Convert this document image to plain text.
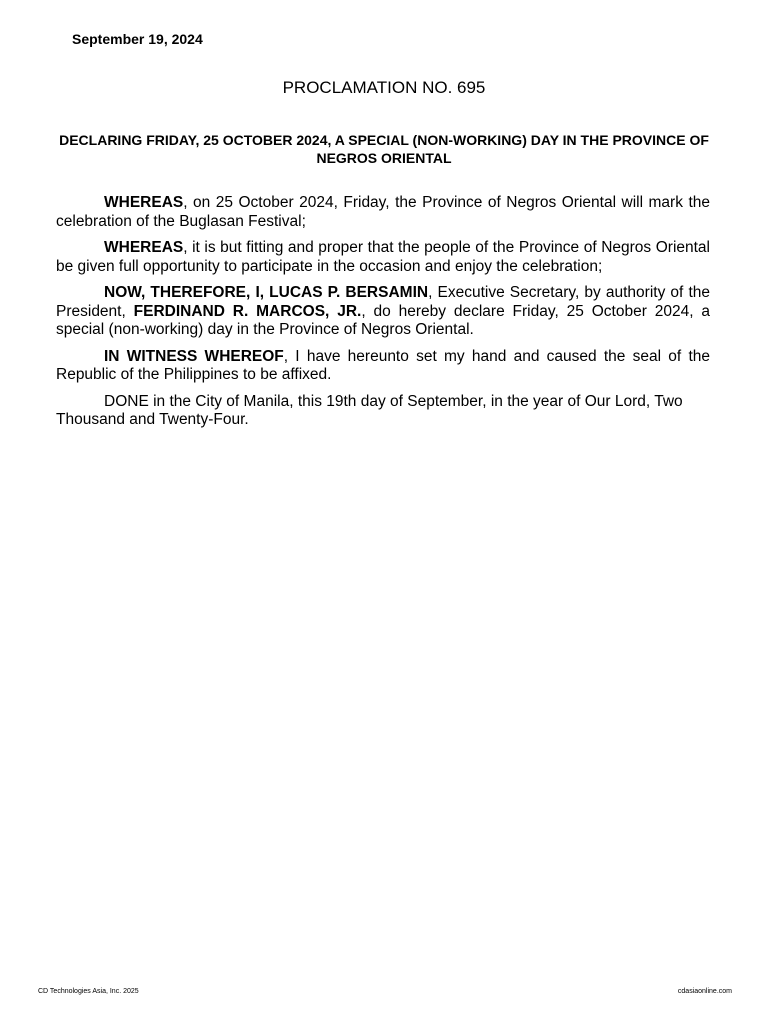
September 19, 2024
PROCLAMATION NO. 695
DECLARING FRIDAY, 25 OCTOBER 2024, A SPECIAL (NON-WORKING) DAY IN THE PROVINCE OF NEGROS ORIENTAL

WHEREAS, on 25 October 2024, Friday, the Province of Negros Oriental will mark the celebration of the Buglasan Festival;

WHEREAS, it is but fitting and proper that the people of the Province of Negros Oriental be given full opportunity to participate in the occasion and enjoy the celebration;

NOW, THEREFORE, I, LUCAS P. BERSAMIN, Executive Secretary, by authority of the President, FERDINAND R. MARCOS, JR., do hereby declare Friday, 25 October 2024, a special (non-working) day in the Province of Negros Oriental.

IN WITNESS WHEREOF, I have hereunto set my hand and caused the seal of the Republic of the Philippines to be affixed.

DONE in the City of Manila, this 19th day of September, in the year of Our Lord, Two Thousand and Twenty-Four.

CD Technologies Asia, Inc. 2025	cdasiaonline.com
